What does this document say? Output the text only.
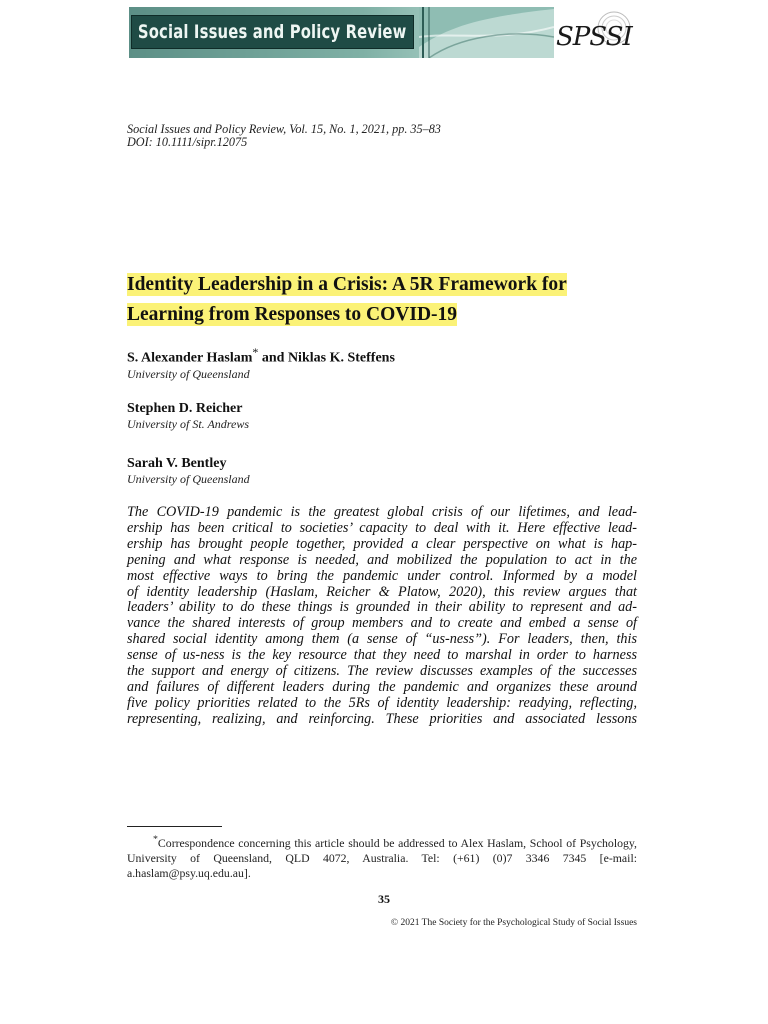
Social Issues and Policy Review	SPSSI
Social Issues and Policy Review, Vol. 15, No. 1, 2021, pp. 35–83
DOI: 10.1111/sipr.12075
Identity Leadership in a Crisis: A 5R Framework for
Learning from Responses to COVID-19
S. Alexander Haslam* and Niklas K. Steffens
University of Queensland
Stephen D. Reicher
University of St. Andrews
Sarah V. Bentley
University of Queensland
The COVID-19 pandemic is the greatest global crisis of our lifetimes, and lead-
ership has been critical to societies’ capacity to deal with it. Here effective lead-
ership has brought people together, provided a clear perspective on what is hap-
pening and what response is needed, and mobilized the population to act in the
most effective ways to bring the pandemic under control. Informed by a model
of identity leadership (Haslam, Reicher & Platow, 2020), this review argues that
leaders’ ability to do these things is grounded in their ability to represent and ad-
vance the shared interests of group members and to create and embed a sense of
shared social identity among them (a sense of “us-ness”). For leaders, then, this
sense of us-ness is the key resource that they need to marshal in order to harness
the support and energy of citizens. The review discusses examples of the successes
and failures of different leaders during the pandemic and organizes these around
five policy priorities related to the 5Rs of identity leadership: readying, reflecting,
representing, realizing, and reinforcing. These priorities and associated lessons
*Correspondence concerning this article should be addressed to Alex Haslam, School of Psychology, University of Queensland, QLD 4072, Australia. Tel: (+61) (0)7 3346 7345 [e-mail: a.haslam@psy.uq.edu.au].
35
© 2021 The Society for the Psychological Study of Social Issues
